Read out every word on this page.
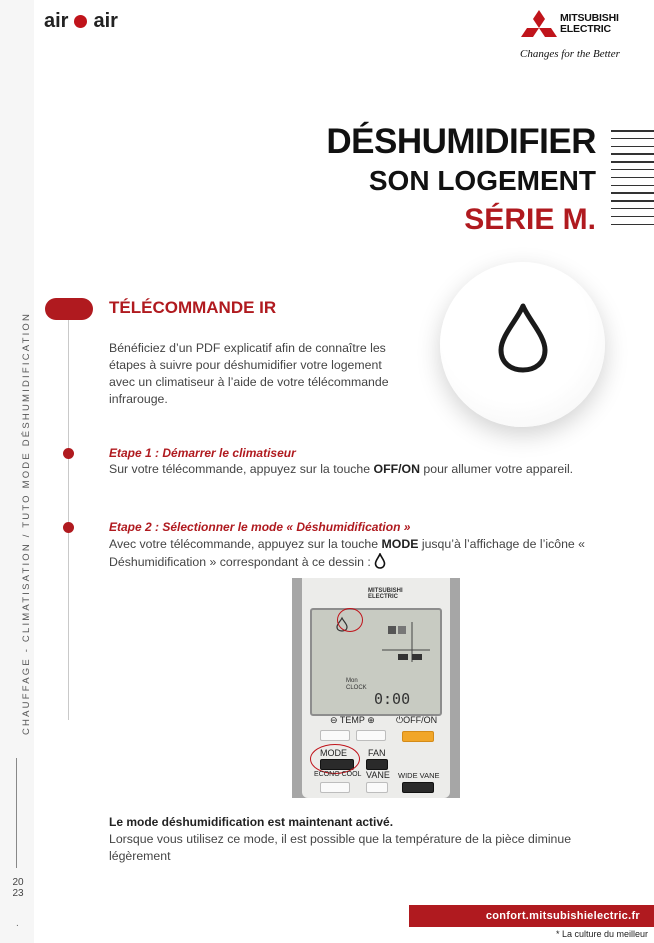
CHAUFFAGE - CLIMATISATION / TUTO MODE DÉSHUMIDIFICATION
20
23
.
air air	MITSUBISHI
ELECTRIC
Changes for the Better
DÉSHUMIDIFIER
SON LOGEMENT
SÉRIE M.
TÉLÉCOMMANDE IR
Bénéficiez d’un PDF explicatif afin de connaître les étapes à suivre pour déshumidifier votre logement avec un climatiseur à l’aide de votre télécommande infrarouge.
Etape 1 : Démarrer le climatiseur
Sur votre télécommande, appuyez sur la touche OFF/ON pour allumer votre appareil.
Etape 2 : Sélectionner le mode « Déshumidification »
Avec votre télécommande, appuyez sur la touche MODE jusqu’à l’affichage de l’icône « Déshumidification » correspondant à ce dessin :
MITSUBISHI
ELECTRIC
Mon
CLOCK
0:00
⊖ TEMP ⊕ ⏻OFF/ON
MODE FAN
ECONO COOL VANE WIDE VANE
Le mode déshumidification est maintenant activé.
Lorsque vous utilisez ce mode, il est possible que la température de la pièce diminue légèrement
confort.mitsubishielectric.fr
* La culture du meilleur
